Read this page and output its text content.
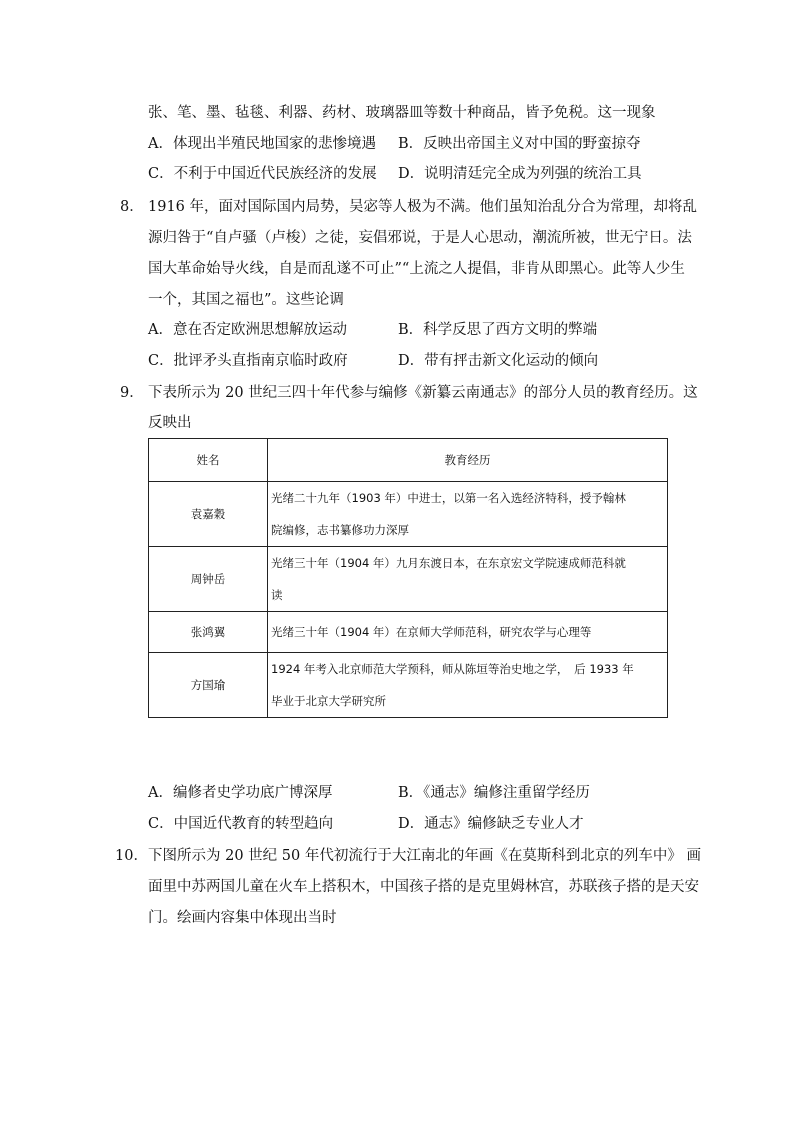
张、笔、墨、毡毯、利器、药材、玻璃器皿等数十种商品，皆予免税。这一现象
A．体现出半殖民地国家的悲惨境遇 B．反映出帝国主义对中国的野蛮掠夺
C．不利于中国近代民族经济的发展 D．说明清廷完全成为列强的统治工具
8． 1916 年，面对国际国内局势，吴宓等人极为不满。他们虽知治乱分合为常理，却将乱
源归咎于“自卢骚（卢梭）之徒，妄倡邪说，于是人心思动，潮流所被，世无宁日。法
国大革命始导火线，自是而乱遂不可止”“上流之人提倡，非肯从即黑心。此等人少生
一个，其国之福也”。这些论调
A．意在否定欧洲思想解放运动	B．科学反思了西方文明的弊端
C．批评矛头直指南京临时政府	D．带有抨击新文化运动的倾向
9． 下表所示为 20 世纪三四十年代参与编修《新纂云南通志》的部分人员的教育经历。这
反映出
姓名	教育经历
袁嘉穀	光绪二十九年（1903 年）中进士，以第一名入选经济特科，授予翰林
院编修，志书纂修功力深厚

周钟岳	光绪三十年（1904 年）九月东渡日本，在东京宏文学院速成师范科就
读

张鸿翼	光绪三十年（1904 年）在京师大学师范科，研究农学与心理等

方国瑜	1924 年考入北京师范大学预科，师从陈垣等治史地之学，　后 1933 年
毕业于北京大学研究所
A．编修者史学功底广博深厚	B．《通志》编修注重留学经历
C．中国近代教育的转型趋向	D．通志》编修缺乏专业人才
10． 下图所示为 20 世纪 50 年代初流行于大江南北的年画《在莫斯科到北京的列车中》 画
面里中苏两国儿童在火车上搭积木，中国孩子搭的是克里姆林宫，苏联孩子搭的是天安
门。绘画内容集中体现出当时
